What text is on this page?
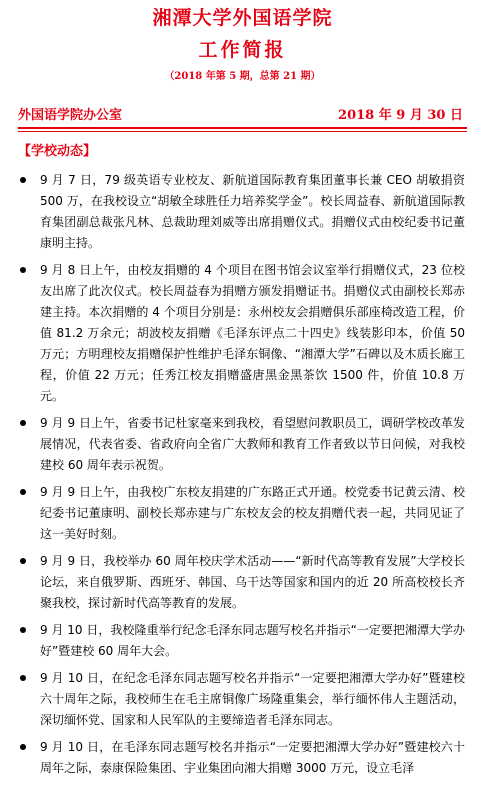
湘潭大学外国语学院
工作简报
（2018 年第 5 期，总第 21 期）
外国语学院办公室	2018 年 9 月 30 日
【学校动态】
9 月 7 日，79 级英语专业校友、新航道国际教育集团董事长兼 CEO 胡敏捐资 500 万，在我校设立“胡敏全球胜任力培养奖学金”。校长周益春、新航道国际教育集团副总裁张凡林、总裁助理刘威等出席捐赠仪式。捐赠仪式由校纪委书记董康明主持。
9 月 8 日上午，由校友捐赠的 4 个项目在图书馆会议室举行捐赠仪式，23 位校友出席了此次仪式。校长周益春为捐赠方颁发捐赠证书。捐赠仪式由副校长郑赤建主持。本次捐赠的 4 个项目分别是：永州校友会捐赠俱乐部座椅改造工程，价值 81.2 万余元；胡波校友捐赠《毛泽东评点二十四史》线装影印本，价值 50 万元；方明理校友捐赠保护性维护毛泽东铜像、“湘潭大学”石碑以及木质长廊工程，价值 22 万元；任秀江校友捐赠盛唐黑金黑茶饮 1500 件，价值 10.8 万元。
9 月 9 日上午，省委书记杜家毫来到我校，看望慰问教职员工，调研学校改革发展情况，代表省委、省政府向全省广大教师和教育工作者致以节日问候，对我校建校 60 周年表示祝贺。
9 月 9 日上午，由我校广东校友捐建的广东路正式开通。校党委书记黄云清、校纪委书记董康明、副校长郑赤建与广东校友会的校友捐赠代表一起，共同见证了这一美好时刻。
9 月 9 日，我校举办 60 周年校庆学术活动——“新时代高等教育发展”大学校长论坛，来自俄罗斯、西班牙、韩国、乌干达等国家和国内的近 20 所高校校长齐聚我校，探讨新时代高等教育的发展。
9 月 10 日，我校隆重举行纪念毛泽东同志题写校名并指示“一定要把湘潭大学办好”暨建校 60 周年大会。
9 月 10 日，在纪念毛泽东同志题写校名并指示“一定要把湘潭大学办好”暨建校六十周年之际，我校师生在毛主席铜像广场隆重集会，举行缅怀伟人主题活动，深切缅怀党、国家和人民军队的主要缔造者毛泽东同志。
9 月 10 日，在毛泽东同志题写校名并指示“一定要把湘潭大学办好”暨建校六十周年之际，泰康保险集团、宇业集团向湘大捐赠 3000 万元，设立毛泽
